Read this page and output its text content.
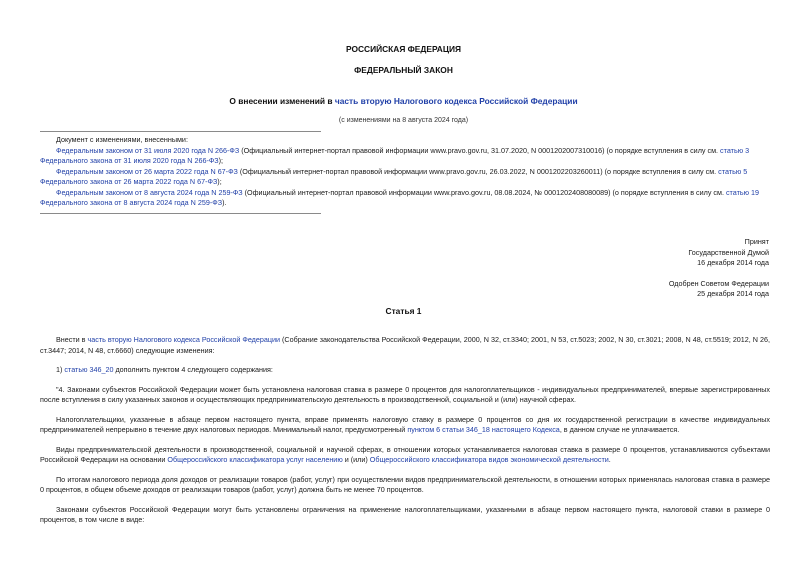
РОССИЙСКАЯ ФЕДЕРАЦИЯ
ФЕДЕРАЛЬНЫЙ ЗАКОН
О внесении изменений в часть вторую Налогового кодекса Российской Федерации
(с изменениями на 8 августа 2024 года)

Документ с изменениями, внесенными:

Федеральным законом от 31 июля 2020 года N 266-ФЗ (Официальный интернет-портал правовой информации www.pravo.gov.ru, 31.07.2020, N 0001202007310016) (о порядке вступления в силу см. статью 3 Федерального закона от 31 июля 2020 года N 266-ФЗ);

Федеральным законом от 26 марта 2022 года N 67-ФЗ (Официальный интернет-портал правовой информации www.pravo.gov.ru, 26.03.2022, N 0001202203260011) (о порядке вступления в силу см. статью 5 Федерального закона от 26 марта 2022 года N 67-ФЗ);

Федеральным законом от 8 августа 2024 года N 259-ФЗ (Официальный интернет-портал правовой информации www.pravo.gov.ru, 08.08.2024, № 0001202408080089) (о порядке вступления в силу см. статью 19 Федерального закона от 8 августа 2024 года N 259-ФЗ).

Принят
Государственной Думой
16 декабря 2014 года
Одобрен Советом Федерации
25 декабря 2014 года
Статья 1

Внести в часть вторую Налогового кодекса Российской Федерации (Собрание законодательства Российской Федерации, 2000, N 32, ст.3340; 2001, N 53, ст.5023; 2002, N 30, ст.3021; 2008, N 48, ст.5519; 2012, N 26, ст.3447; 2014, N 48, ст.6660) следующие изменения:

1) статью 346_20 дополнить пунктом 4 следующего содержания:

"4. Законами субъектов Российской Федерации может быть установлена налоговая ставка в размере 0 процентов для налогоплательщиков - индивидуальных предпринимателей, впервые зарегистрированных после вступления в силу указанных законов и осуществляющих предпринимательскую деятельность в производственной, социальной и (или) научной сферах.

Налогоплательщики, указанные в абзаце первом настоящего пункта, вправе применять налоговую ставку в размере 0 процентов со дня их государственной регистрации в качестве индивидуальных предпринимателей непрерывно в течение двух налоговых периодов. Минимальный налог, предусмотренный пунктом 6 статьи 346_18 настоящего Кодекса, в данном случае не уплачивается.

Виды предпринимательской деятельности в производственной, социальной и научной сферах, в отношении которых устанавливается налоговая ставка в размере 0 процентов, устанавливаются субъектами Российской Федерации на основании Общероссийского классификатора услуг населению и (или) Общероссийского классификатора видов экономической деятельности.

По итогам налогового периода доля доходов от реализации товаров (работ, услуг) при осуществлении видов предпринимательской деятельности, в отношении которых применялась налоговая ставка в размере 0 процентов, в общем объеме доходов от реализации товаров (работ, услуг) должна быть не менее 70 процентов.

Законами субъектов Российской Федерации могут быть установлены ограничения на применение налогоплательщиками, указанными в абзаце первом настоящего пункта, налоговой ставки в размере 0 процентов, в том числе в виде:
